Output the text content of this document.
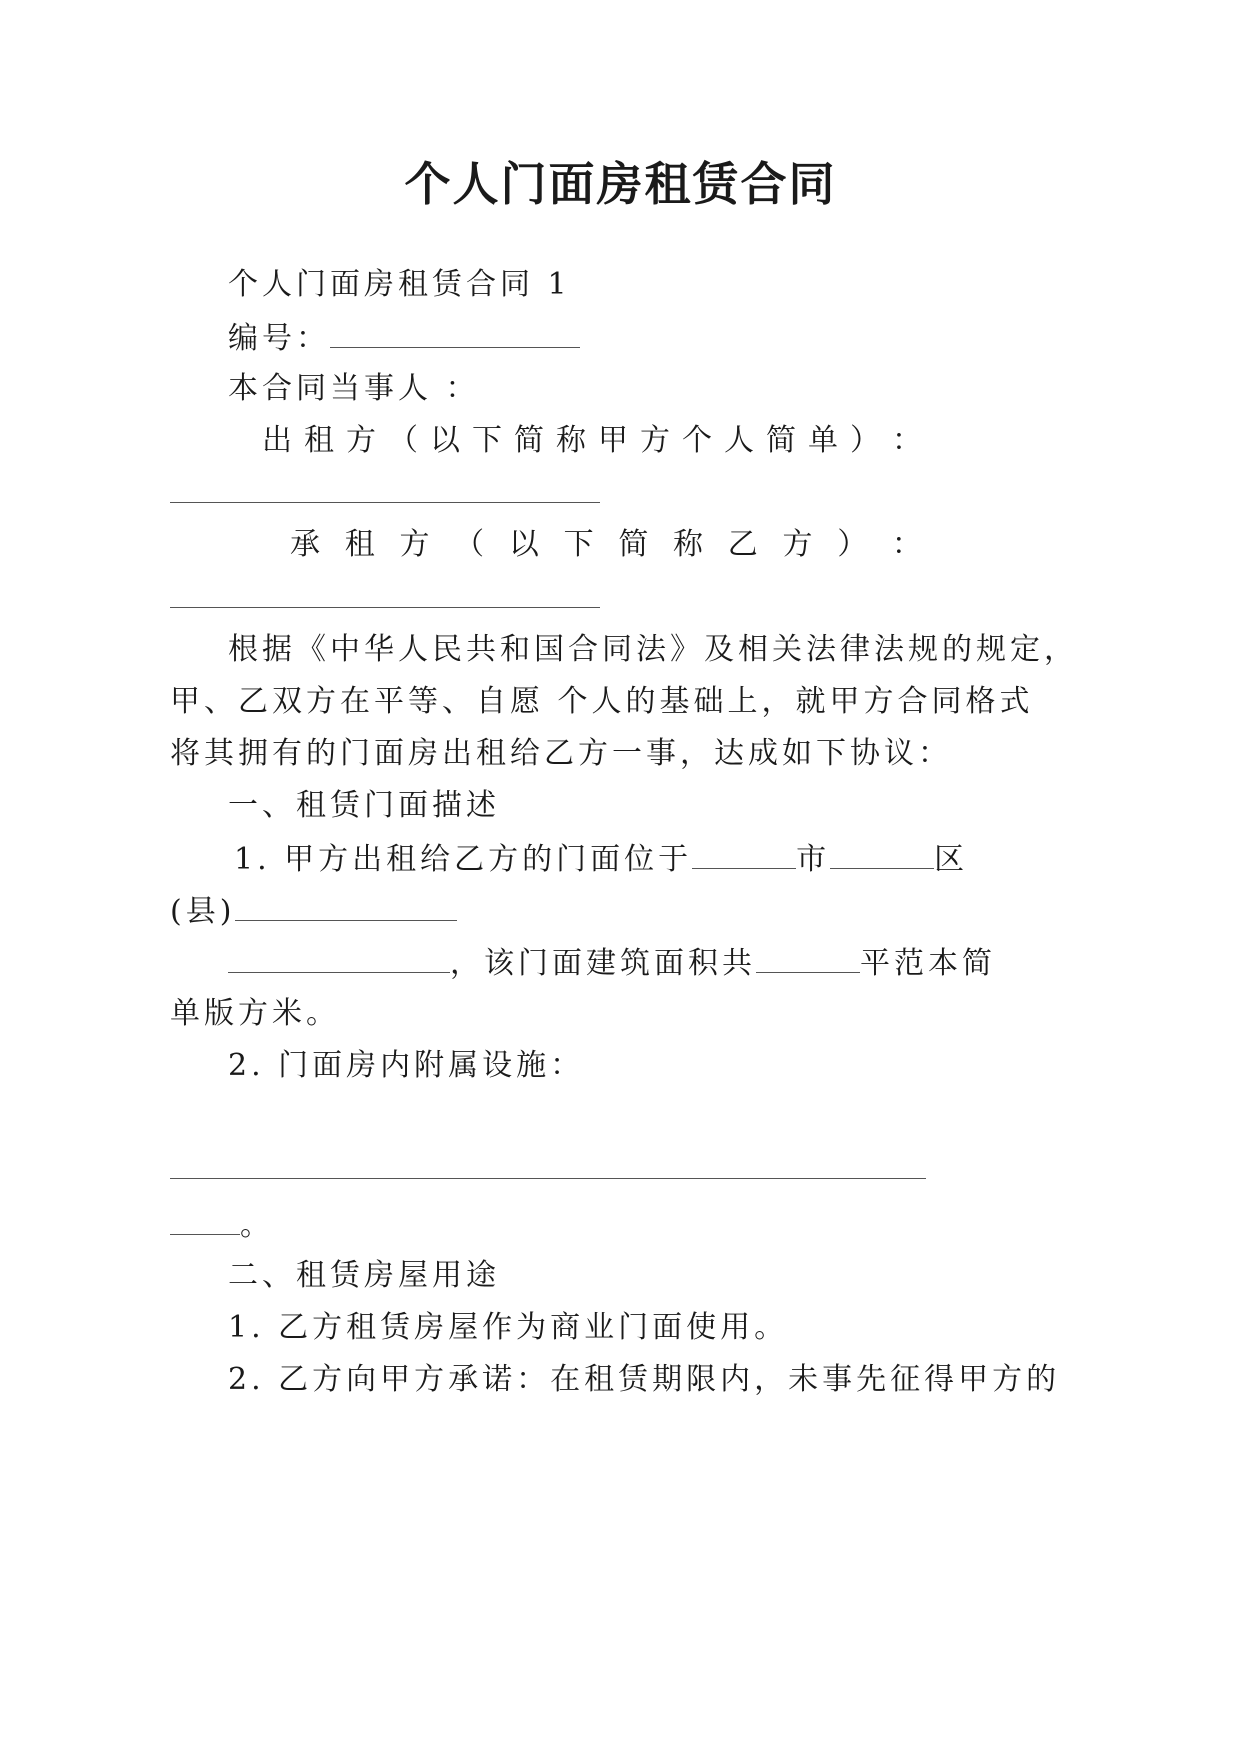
个人门面房租赁合同
个人门面房租赁合同 1
编号：
本合同当事人 ：
出 租 方 （ 以 下 简 称 甲 方 个 人 简 单 ） ：
承 租 方 （ 以 下 简 称 乙 方 ） ：
根据《中华人民共和国合同法》及相关法律法规的规定，
甲、乙双方在平等、自愿 个人的基础上，就甲方合同格式
将其拥有的门面房出租给乙方一事，达成如下协议：
一、租赁门面描述
1. 甲方出租给乙方的门面位于	市	区
(县)
，该门面建筑面积共	平范本简
单版方米。
2. 门面房内附属设施：
。
二、租赁房屋用途
1. 乙方租赁房屋作为商业门面使用。
2. 乙方向甲方承诺：在租赁期限内，未事先征得甲方的
